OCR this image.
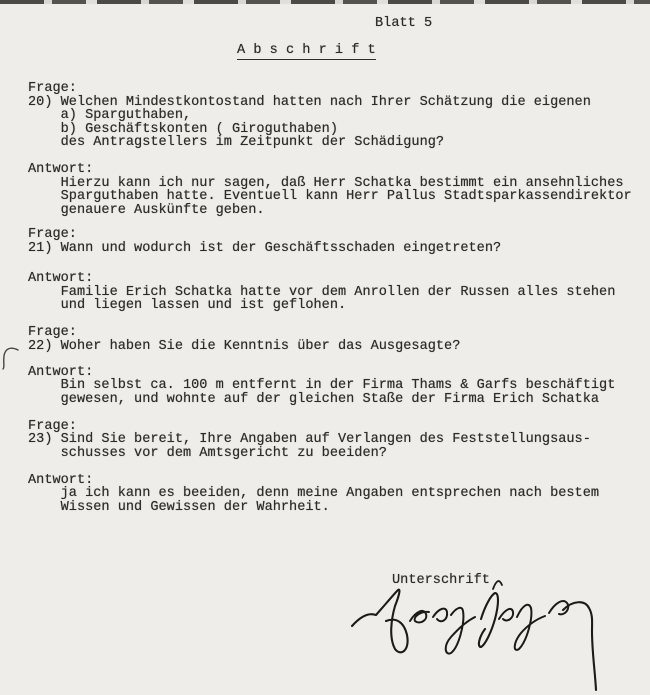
Blatt 5
A b s c h r i f t
Frage:
20) Welchen Mindestkontostand hatten nach Ihrer Schätzung die eigenen
a) Sparguthaben,
b) Geschäftskonten ( Giroguthaben)
des Antragstellers im Zeitpunkt der Schädigung?
Antwort:
Hierzu kann ich nur sagen, daß Herr Schatka bestimmt ein ansehnliches
Sparguthaben hatte. Eventuell kann Herr Pallus Stadtsparkassendirektor
genauere Auskünfte geben.
Frage:
21) Wann und wodurch ist der Geschäftsschaden eingetreten?
Antwort:
Familie Erich Schatka hatte vor dem Anrollen der Russen alles stehen
und liegen lassen und ist geflohen.
Frage:
22) Woher haben Sie die Kenntnis über das Ausgesagte?
Antwort:
Bin selbst ca. 100 m entfernt in der Firma Thams & Garfs beschäftigt
gewesen, und wohnte auf der gleichen Staße der Firma Erich Schatka
Frage:
23) Sind Sie bereit, Ihre Angaben auf Verlangen des Feststellungsaus-
schusses vor dem Amtsgericht zu beeiden?
Antwort:
ja ich kann es beeiden, denn meine Angaben entsprechen nach bestem
Wissen und Gewissen der Wahrheit.
Unterschrift
